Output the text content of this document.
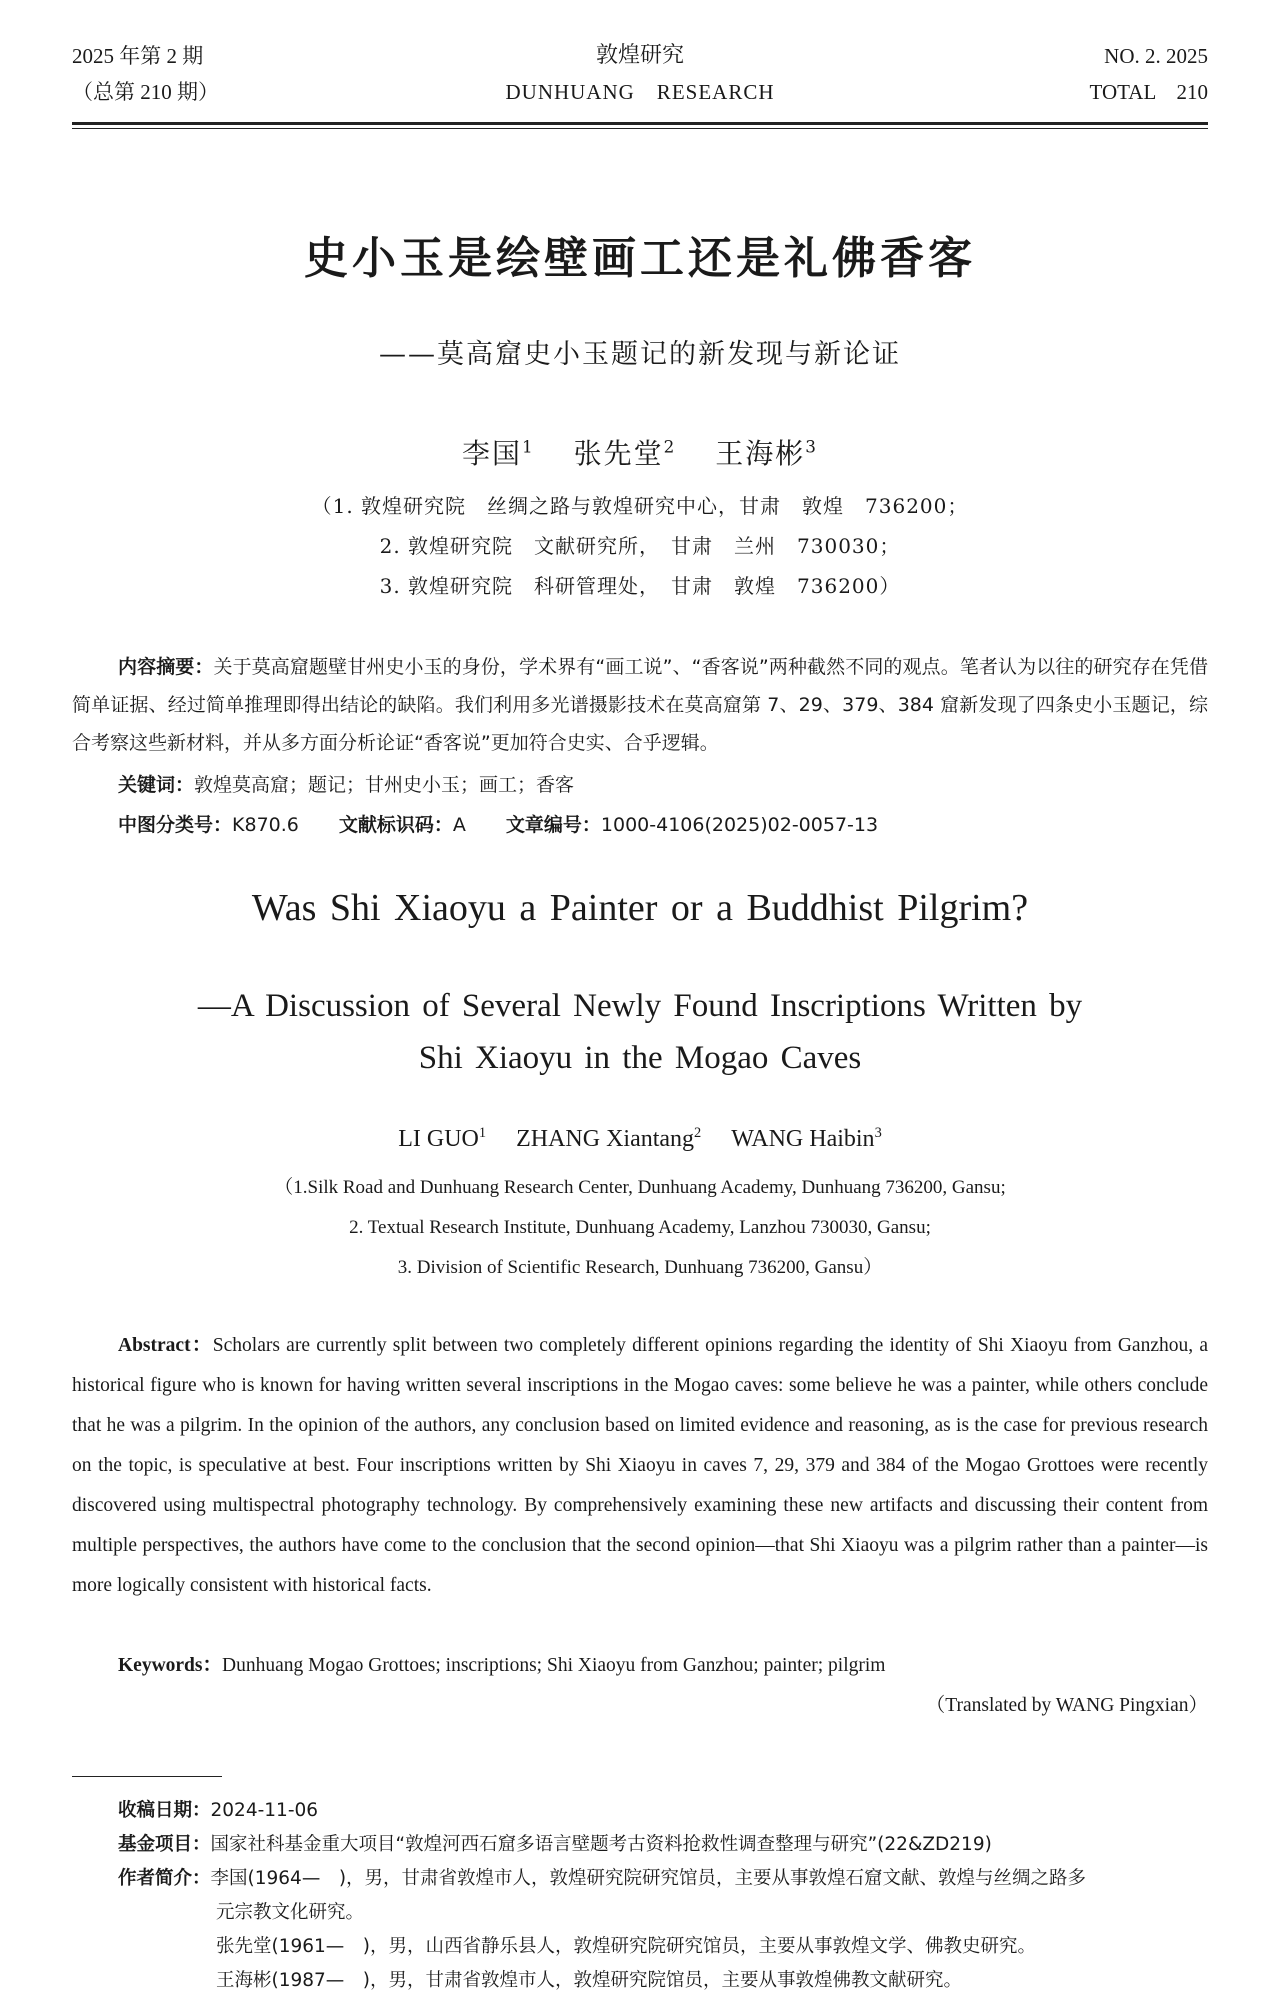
2025 年第 2 期
（总第 210 期）
敦煌研究
DUNHUANG　RESEARCH
NO. 2. 2025
TOTAL　210
史小玉是绘壁画工还是礼佛香客
——莫高窟史小玉题记的新发现与新论证
李国$^1$ 张先堂$^2$ 王海彬$^3$
（1. 敦煌研究院　丝绸之路与敦煌研究中心，甘肃　敦煌　736200；
2. 敦煌研究院　文献研究所，　甘肃　兰州　730030；
3. 敦煌研究院　科研管理处，　甘肃　敦煌　736200）
内容摘要：关于莫高窟题壁甘州史小玉的身份，学术界有“画工说”、“香客说”两种截然不同的观点。笔者认为以往的研究存在凭借简单证据、经过简单推理即得出结论的缺陷。我们利用多光谱摄影技术在莫高窟第 7、29、379、384 窟新发现了四条史小玉题记，综合考察这些新材料，并从多方面分析论证“香客说”更加符合史实、合乎逻辑。
关键词：敦煌莫高窟；题记；甘州史小玉；画工；香客
中图分类号：K870.6 文献标识码：A 文章编号：1000-4106(2025)02-0057-13
Was Shi Xiaoyu a Painter or a Buddhist Pilgrim?
—A Discussion of Several Newly Found Inscriptions Written by
Shi Xiaoyu in the Mogao Caves
LI GUO$^1$ ZHANG Xiantang$^2$ WANG Haibin$^3$
（1.Silk Road and Dunhuang Research Center, Dunhuang Academy, Dunhuang 736200, Gansu;
2. Textual Research Institute, Dunhuang Academy, Lanzhou 730030, Gansu;
3. Division of Scientific Research, Dunhuang 736200, Gansu）
Abstract：Scholars are currently split between two completely different opinions regarding the identity of Shi Xiaoyu from Ganzhou, a historical figure who is known for having written several inscriptions in the Mogao caves: some believe he was a painter, while others conclude that he was a pilgrim. In the opinion of the authors, any conclusion based on limited evidence and reasoning, as is the case for previous research on the topic, is speculative at best. Four inscriptions written by Shi Xiaoyu in caves 7, 29, 379 and 384 of the Mogao Grottoes were recently discovered using multispectral photography technology. By comprehensively examining these new artifacts and discussing their content from multiple perspectives, the authors have come to the conclusion that the second opinion—that Shi Xiaoyu was a pilgrim rather than a painter—is more logically consistent with historical facts.
Keywords：Dunhuang Mogao Grottoes; inscriptions; Shi Xiaoyu from Ganzhou; painter; pilgrim
（Translated by WANG Pingxian）
收稿日期：2024-11-06
基金项目：国家社科基金重大项目“敦煌河西石窟多语言壁题考古资料抢救性调查整理与研究”(22&ZD219)
作者简介：李国(1964—　)，男，甘肃省敦煌市人，敦煌研究院研究馆员，主要从事敦煌石窟文献、敦煌与丝绸之路多
元宗教文化研究。
张先堂(1961—　)，男，山西省静乐县人，敦煌研究院研究馆员，主要从事敦煌文学、佛教史研究。
王海彬(1987—　)，男，甘肃省敦煌市人，敦煌研究院馆员，主要从事敦煌佛教文献研究。
